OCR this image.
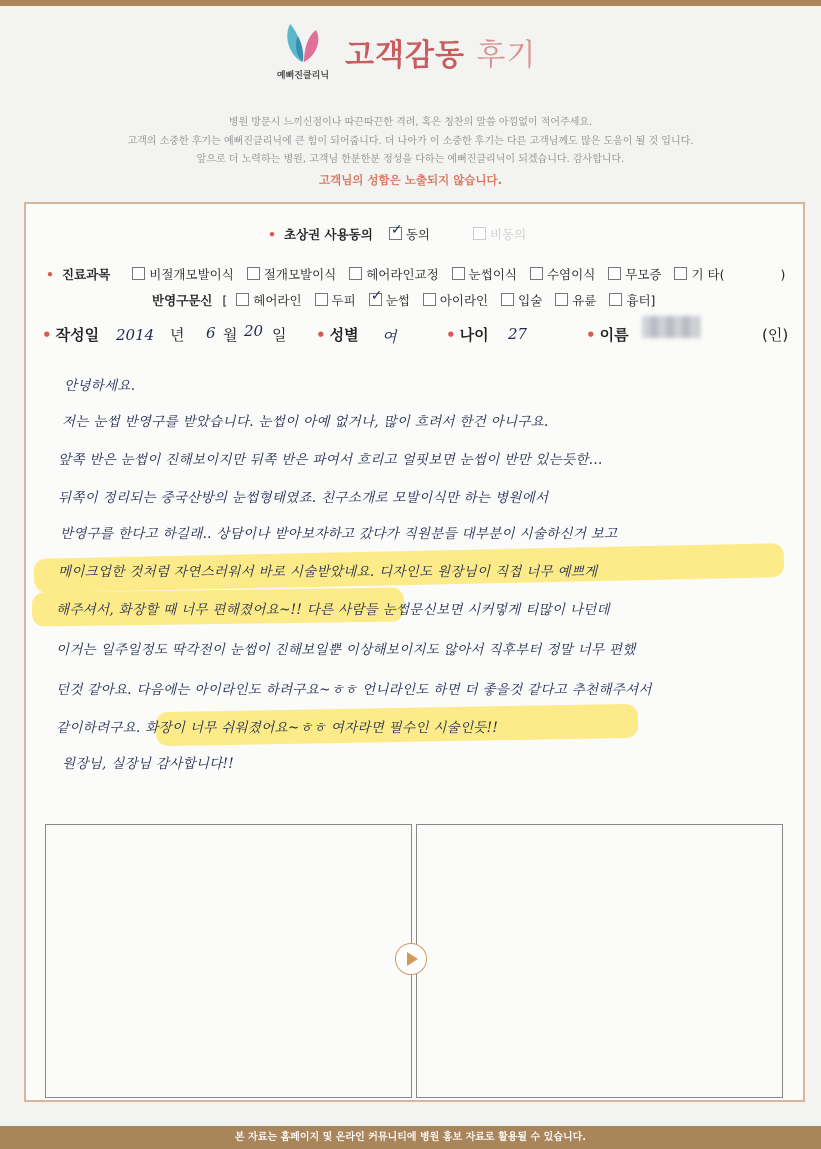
예뻐진클리닉
고객감동 후기
병원 방문시 느끼신점이나 따끈따끈한 격려, 혹은 칭찬의 말씀 아낌없이 적어주세요.
고객의 소중한 후기는 예뻐진클리닉에 큰 힘이 되어줍니다. 더 나아가 이 소중한 후기는 다른 고객님께도 많은 도움이 될 것 입니다.
앞으로 더 노력하는 병원, 고객님 한분한분 정성을 다하는 예뻐진클리닉이 되겠습니다. 감사합니다.
고객님의 성함은 노출되지 않습니다.
• 초상권 사용동의 ✓	동의	비동의
• 진료과목	비절개모발이식 절개모발이식 헤어라인교정 눈썹이식 수염이식 무모증 기 타(	)
반영구문신 [ 헤어라인 두피 ✓ 눈썹 아이라인 입술 유륜 흉터]
• 작성일 2014 년 6 월 20 일 • 성별 여	• 나이 27	• 이름	(인)
안녕하세요.
저는 눈썹 반영구를 받았습니다. 눈썹이 아예 없거나, 많이 흐려서 한건 아니구요.
앞쪽 반은 눈썹이 진해보이지만 뒤쪽 반은 파여서 흐리고 얼핏보면 눈썹이 반만 있는듯한...
뒤쪽이 정리되는 중국산방의 눈썹형태였죠. 친구소개로 모발이식만 하는 병원에서
반영구를 한다고 하길래.. 상담이나 받아보자하고 갔다가 직원분들 대부분이 시술하신거 보고
메이크업한 것처럼 자연스러워서 바로 시술받았네요. 디자인도 원장님이 직접 너무 예쁘게
해주셔서, 화장할 때 너무 편해졌어요~!! 다른 사람들 눈썹문신보면 시커멓게 티많이 나던데
이거는 일주일정도 딱각전이 눈썹이 진해보일뿐 이상해보이지도 않아서 직후부터 정말 너무 편했
던것 같아요. 다음에는 아이라인도 하려구요~ㅎㅎ 언니라인도 하면 더 좋을것 같다고 추천해주셔서
같이하려구요. 화장이 너무 쉬워졌어요~ㅎㅎ 여자라면 필수인 시술인듯!!
원장님, 실장님 감사합니다!!
본 자료는 홈페이지 및 온라인 커뮤니티에 병원 홍보 자료로 활용될 수 있습니다.
